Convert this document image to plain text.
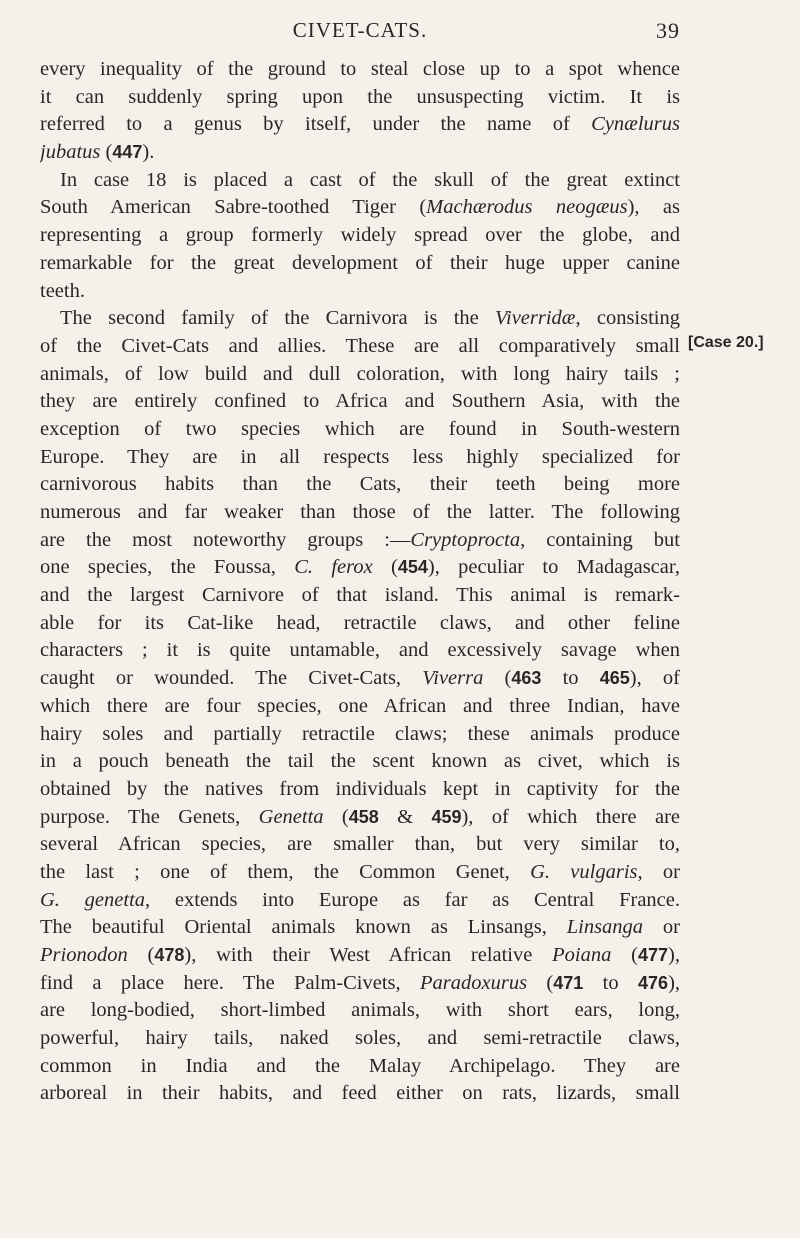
CIVET-CATS.	39
every inequality of the ground to steal close up to a spot whence
it can suddenly spring upon the unsuspecting victim. It is
referred to a genus by itself, under the name of Cynælurus
jubatus (447).
In case 18 is placed a cast of the skull of the great extinct
South American Sabre-toothed Tiger (Machærodus neogæus), as
representing a group formerly widely spread over the globe, and
remarkable for the great development of their huge upper canine
teeth.
The second family of the Carnivora is the Viverridæ, consisting
of the Civet-Cats and allies. These are all comparatively small
animals, of low build and dull coloration, with long hairy tails ;
they are entirely confined to Africa and Southern Asia, with the
exception of two species which are found in South-western
Europe. They are in all respects less highly specialized for
carnivorous habits than the Cats, their teeth being more
numerous and far weaker than those of the latter. The following
are the most noteworthy groups :—Cryptoprocta, containing but
one species, the Foussa, C. ferox (454), peculiar to Madagascar,
and the largest Carnivore of that island. This animal is remark-
able for its Cat-like head, retractile claws, and other feline
characters ; it is quite untamable, and excessively savage when
caught or wounded. The Civet-Cats, Viverra (463 to 465), of
which there are four species, one African and three Indian, have
hairy soles and partially retractile claws; these animals produce
in a pouch beneath the tail the scent known as civet, which is
obtained by the natives from individuals kept in captivity for the
purpose. The Genets, Genetta (458 & 459), of which there are
several African species, are smaller than, but very similar to,
the last ; one of them, the Common Genet, G. vulgaris, or
G. genetta, extends into Europe as far as Central France.
The beautiful Oriental animals known as Linsangs, Linsanga or
Prionodon (478), with their West African relative Poiana (477),
find a place here. The Palm-Civets, Paradoxurus (471 to 476),
are long-bodied, short-limbed animals, with short ears, long,
powerful, hairy tails, naked soles, and semi-retractile claws,
common in India and the Malay Archipelago. They are
arboreal in their habits, and feed either on rats, lizards, small
[Case 20.]
